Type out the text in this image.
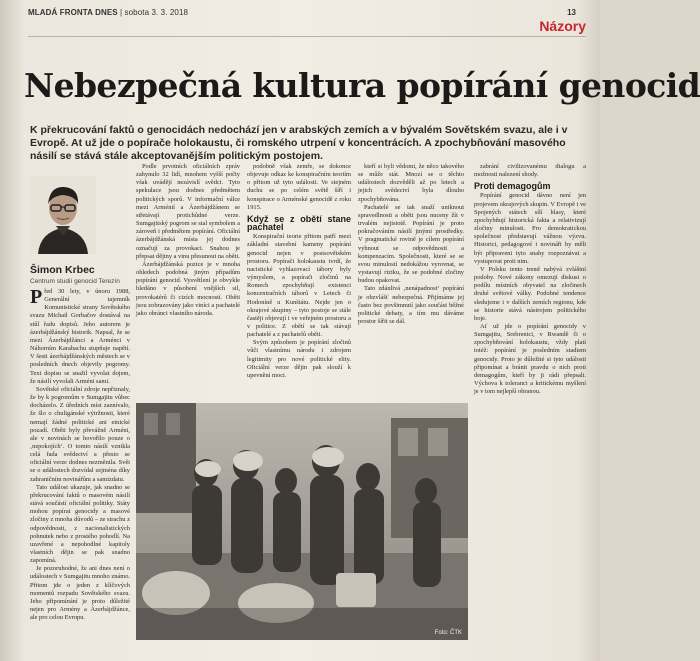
MLADÁ FRONTA DNES | sobota 3. 3. 2018	13
Názory
Nebezpečná kultura popírání genocid
K překrucování faktů o genocidách nedochází jen v arabských zemích a v bývalém Sovětském svazu, ale i v Evropě. At už jde o popírače holokaustu, či romského utrpení v koncentrácích. A zpochybňování masového násilí se stává stále akceptovanějším politickým postojem.
Šimon Krbec
Centrum studií genocid Terezín

Před 30 lety, v únoru 1988, Generální tajemník Komunistické strany Sovětského svazu Michail Gorbačov dostával na stůl řadu dopisů. Jeho autorem je ázerbájdžánský historik. Napsal, že se mezi Ázerbájdžánci a Arménci v Náhorním Karabachu stupňuje napětí. V šesti ázerbájdžánských městech se v posledních dnech objevily pogromy. Text dopisu se snažil vyvolat dojem, že násilí vyvolali Arméni sami.

Sovětské oficiální zdroje nepřiznaly, že by k pogromům v Sumgajitu vůbec docházelo. Z úředních míst zaznívalo, že šlo o chuligánské výtržnosti, které nemají žádné politické ani etnické pozadí. Oběti byly převážně Arméni, ale v novinách se hovořilo pouze o ‚nepokojích‘. O tomto násilí vznikla celá řada svědectví a přesto se oficiální verze dodnes nezměnila. Svět se o událostech dozvídal zejména díky zahraničním novinářům a samizdatu.

Tato událost ukazuje, jak snadno se překrucování faktů o masovém násilí stává součástí oficiální politiky. Státy mohou popírat genocidy a masové zločiny z mnoha důvodů – ze strachu z odpovědnosti, z nacionalistických pohnutek nebo z prostého pohodlí. Na uzavřené a nepohodlné kapitoly vlastních dějin se pak snadno zapomíná.

Je pozoruhodné, že ani dnes není o událostech v Sumgajitu mnoho známo. Přitom jde o jeden z klíčových momentů rozpadu Sovětského svazu. Jeho připomínání je proto důležité nejen pro Armény a Ázerbájdžánce, ale pro celou Evropu.

Podle prvotních oficiálních zpráv zahynulo 32 lidí, mnohem vyšší počty však uvádějí nezávislí svědci. Tyto spekulace jsou dodnes předmětem politických sporů. V informační válce mezi Arménií a Ázerbájdžánem se střetávají protichůdné verze. Sumgajitský pogrom se stal symbolem a zároveň i předmětem popírání. Oficiální ázerbájdžánská místa jej dodnes označují za provokaci. Snahou je přepsat dějiny a vinu přesunout na oběti.

Ázerbájdžánská pozice je v mnoha ohledech podobná jiným případům popírání genocid. Vysvětlení je obvykle hledáno v působení vnějších sil, provokatérů či cizích mocností. Oběti jsou zobrazovány jako viníci a pachatelé jako obránci vlastního národa.

podobně však zemře, se dokonce objevuje odkaz ke konspiračním teoriím o přitom už tyto události. Ve stejném duchu se po celém světě šíří i konspirace o Arménské genocidě z roku 1915.

Když se z obětí stane pachatel

Konspirační teorie přitom patří mezi základní stavební kameny popírání genocid nejen v postsovětském prostoru. Popírači holokaustu tvrdí, že nacistické vyhlazovací tábory byly výmyslem, a popírači zločinů na Romech zpochybňují existenci koncentračních táborů v Letech či Hodoníně u Kunštátu. Nejde jen o okrajové skupiny – tyto postoje se stále častěji objevují i ve veřejném prostoru a v politice. Z obětí se tak stávají pachatelé a z pachatelů oběti.

Svým způsobem je popírání zločinů vůči vlastnímu národu i zdrojem legitimity pro nové politické elity. Oficiální verze dějin pak slouží k upevnění moci.

kteří si byli vědomi, že něco takového se může stát. Mnozí se o těchto událostech dozvěděli až po letech a jejich svědectví byla dlouho zpochybňována.

Pachatelé se tak snaží uniknout spravedlnosti a oběti jsou nuceny žít v trvalém nejistotě. Popírání je proto pokračováním násilí jinými prostředky. V pragmatické rovině je cílem popírání vyhnout se odpovědnosti a kompenzacím. Společnosti, které se se svou minulostí nedokážou vyrovnat, se vystavují riziku, že se podobné zločiny budou opakovat.

Tato zdánlivá ‚nenápadnost‘ popírání je obzvlášť nebezpečná. Přijímáme jej často bez povšimnutí jako součást běžné politické debaty, a tím mu dáváme prostor šířit se dál.

zabrání civilizovanému dialogu a možnosti nalezení shody.

Proti demagogům

Popírání genocid dávno není jen projevem okrajových skupin. V Evropě i ve Spojených státech sílí hlasy, které zpochybňují historická fakta a relativizují zločiny minulosti. Pro demokratickou společnost představují vážnou výzvu. Historici, pedagogové i novináři by měli být připraveni tyto snahy rozpoznávat a vystupovat proti nim.

V Polsku tento trend nabývá zvláštní podoby. Nové zákony omezují diskusi o podílu místních obyvatel na zločinech druhé světové války. Podobné tendence sledujeme i v dalších zemích regionu, kde se historie stává nástrojem politického boje.

Ať už jde o popírání genocidy v Sumgajitu, Srebrenici, v Rwandě či o zpochybňování holokaustu, vždy platí totéž: popírání je posledním stadiem genocidy. Proto je důležité si tyto události připomínat a bránit pravdu o nich proti demagogům, kteří by ji rádi přepsali. Výchova k toleranci a kritickému myšlení je v tom nejlepší obranou.

Foto: ČTK
